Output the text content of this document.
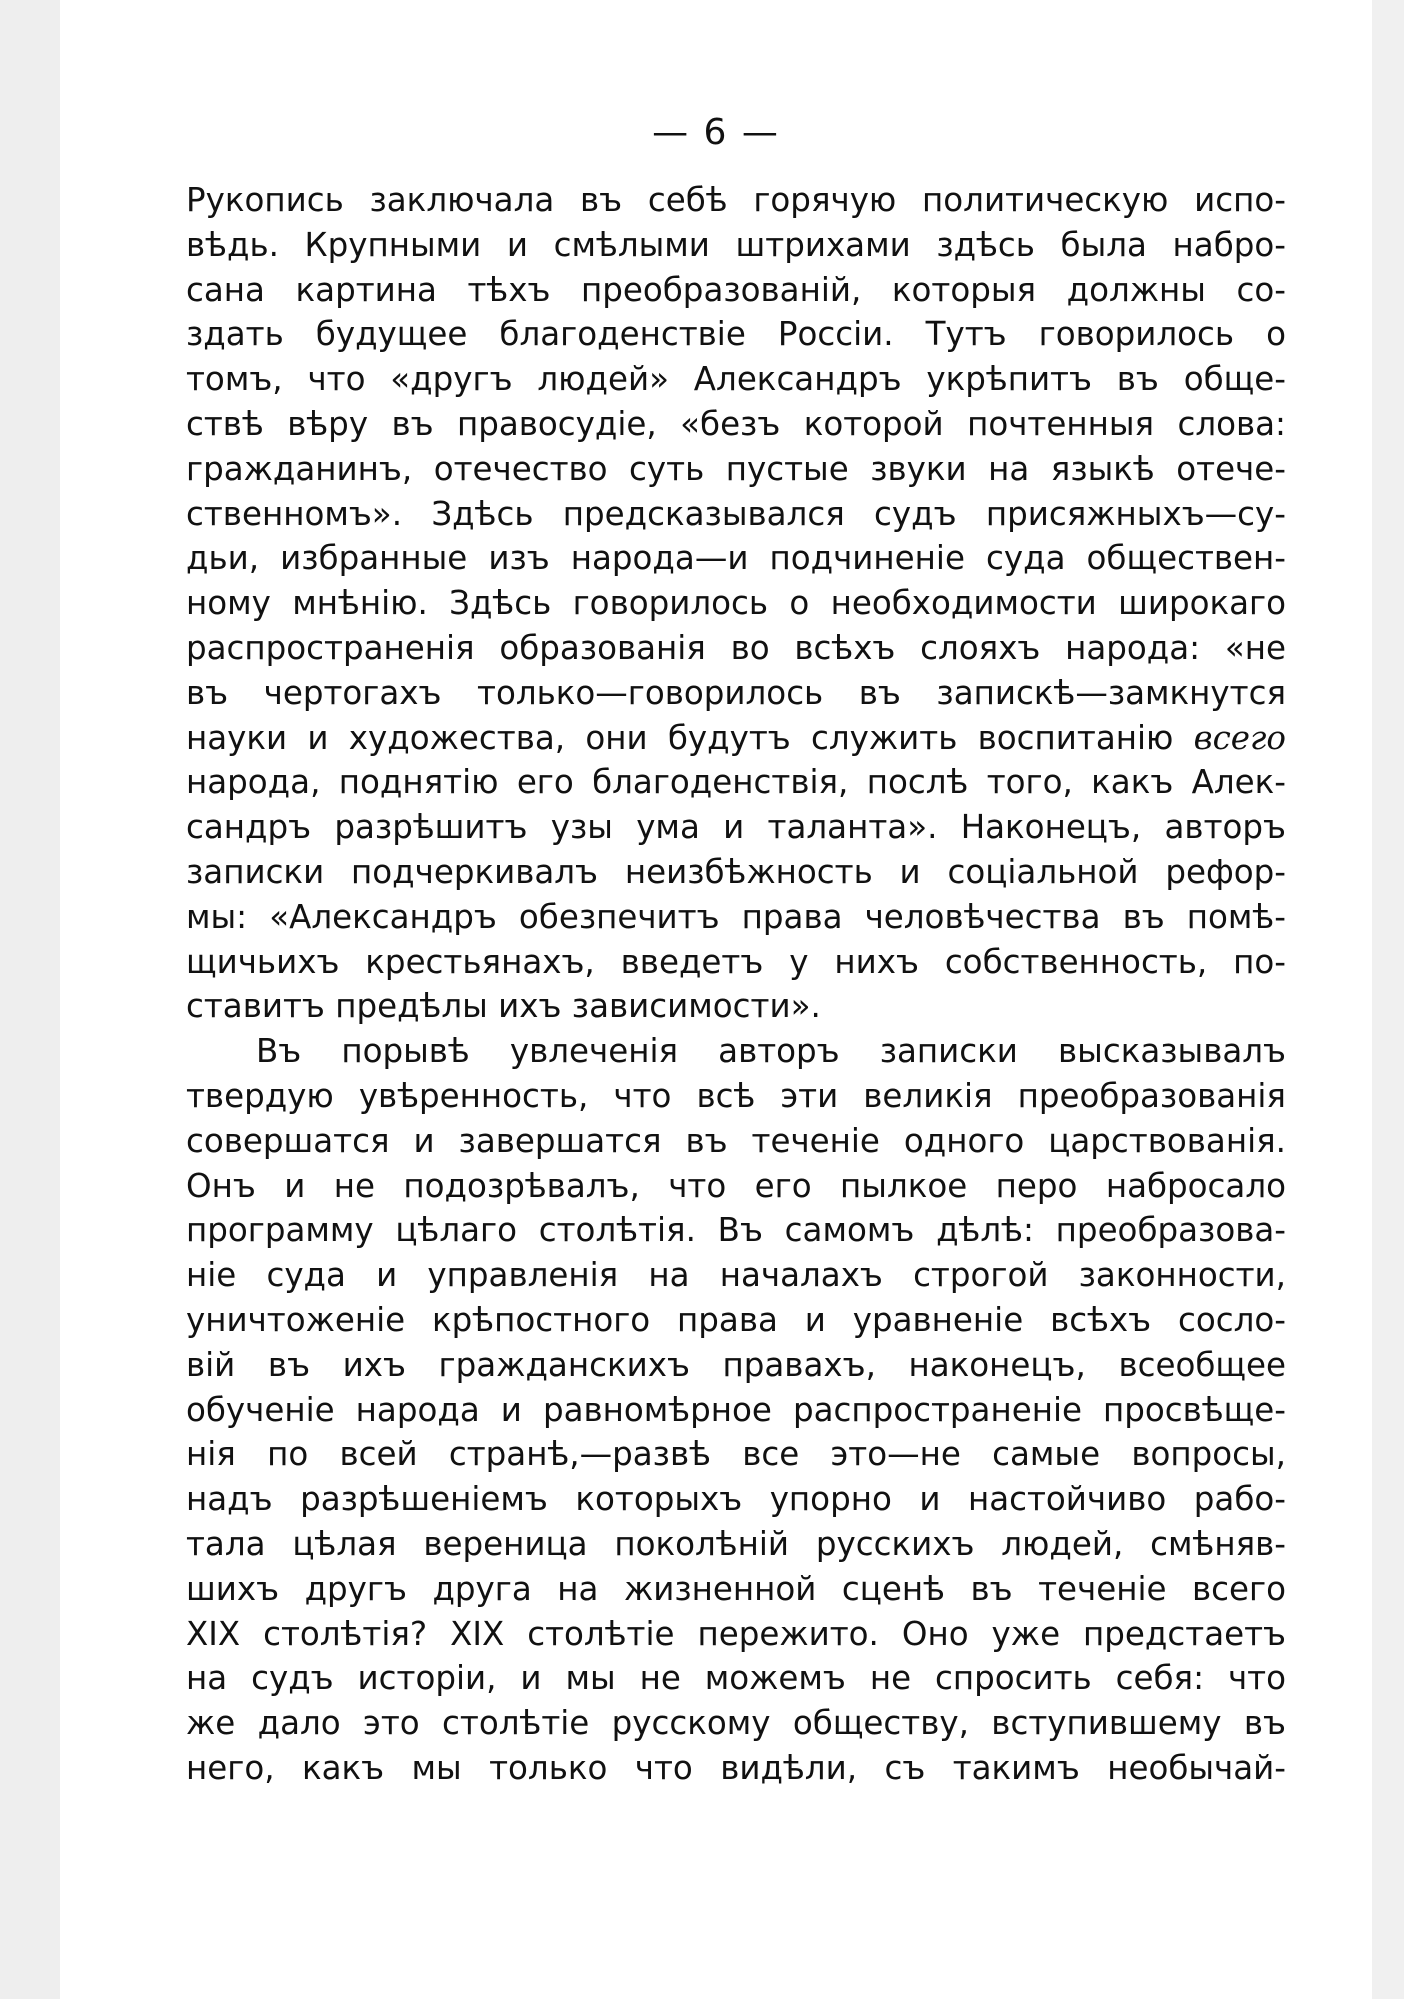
— 6 —

Рукопись заключала въ себѣ горячую политическую испо-
вѣдь. Крупными и смѣлыми штрихами здѣсь была набро-
сана картина тѣхъ преобразованій, которыя должны со-
здать будущее благоденствіе Россіи. Тутъ говорилось о
томъ, что «другъ людей» Александръ укрѣпитъ въ обще-
ствѣ вѣру въ правосудіе, «безъ которой почтенныя слова:
гражданинъ, отечество суть пустые звуки на языкѣ отече-
ственномъ». Здѣсь предсказывался судъ присяжныхъ—су-
дьи, избранные изъ народа—и подчиненіе суда обществен-
ному мнѣнію. Здѣсь говорилось о необходимости широкаго
распространенія образованія во всѣхъ слояхъ народа: «не
въ чертогахъ только—говорилось въ запискѣ—замкнутся
науки и художества, они будутъ служить воспитанію всего
народа, поднятію его благоденствія, послѣ того, какъ Алек-
сандръ разрѣшитъ узы ума и таланта». Наконецъ, авторъ
записки подчеркивалъ неизбѣжность и соціальной рефор-
мы: «Александръ обезпечитъ права человѣчества въ помѣ-
щичьихъ крестьянахъ, введетъ у нихъ собственность, по-
ставитъ предѣлы ихъ зависимости».

Въ порывѣ увлеченія авторъ записки высказывалъ
твердую увѣренность, что всѣ эти великія преобразованія
совершатся и завершатся въ теченіе одного царствованія.
Онъ и не подозрѣвалъ, что его пылкое перо набросало
программу цѣлаго столѣтія. Въ самомъ дѣлѣ: преобразова-
ніе суда и управленія на началахъ строгой законности,
уничтоженіе крѣпостного права и уравненіе всѣхъ сосло-
вій въ ихъ гражданскихъ правахъ, наконецъ, всеобщее
обученіе народа и равномѣрное распространеніе просвѣще-
нія по всей странѣ,—развѣ все это—не самые вопросы,
надъ разрѣшеніемъ которыхъ упорно и настойчиво рабо-
тала цѣлая вереница поколѣній русскихъ людей, смѣняв-
шихъ другъ друга на жизненной сценѣ въ теченіе всего
XIX столѣтія? XIX столѣтіе пережито. Оно уже предстаетъ
на судъ исторіи, и мы не можемъ не спросить себя: что
же дало это столѣтіе русскому обществу, вступившему въ
него, какъ мы только что видѣли, съ такимъ необычай-
